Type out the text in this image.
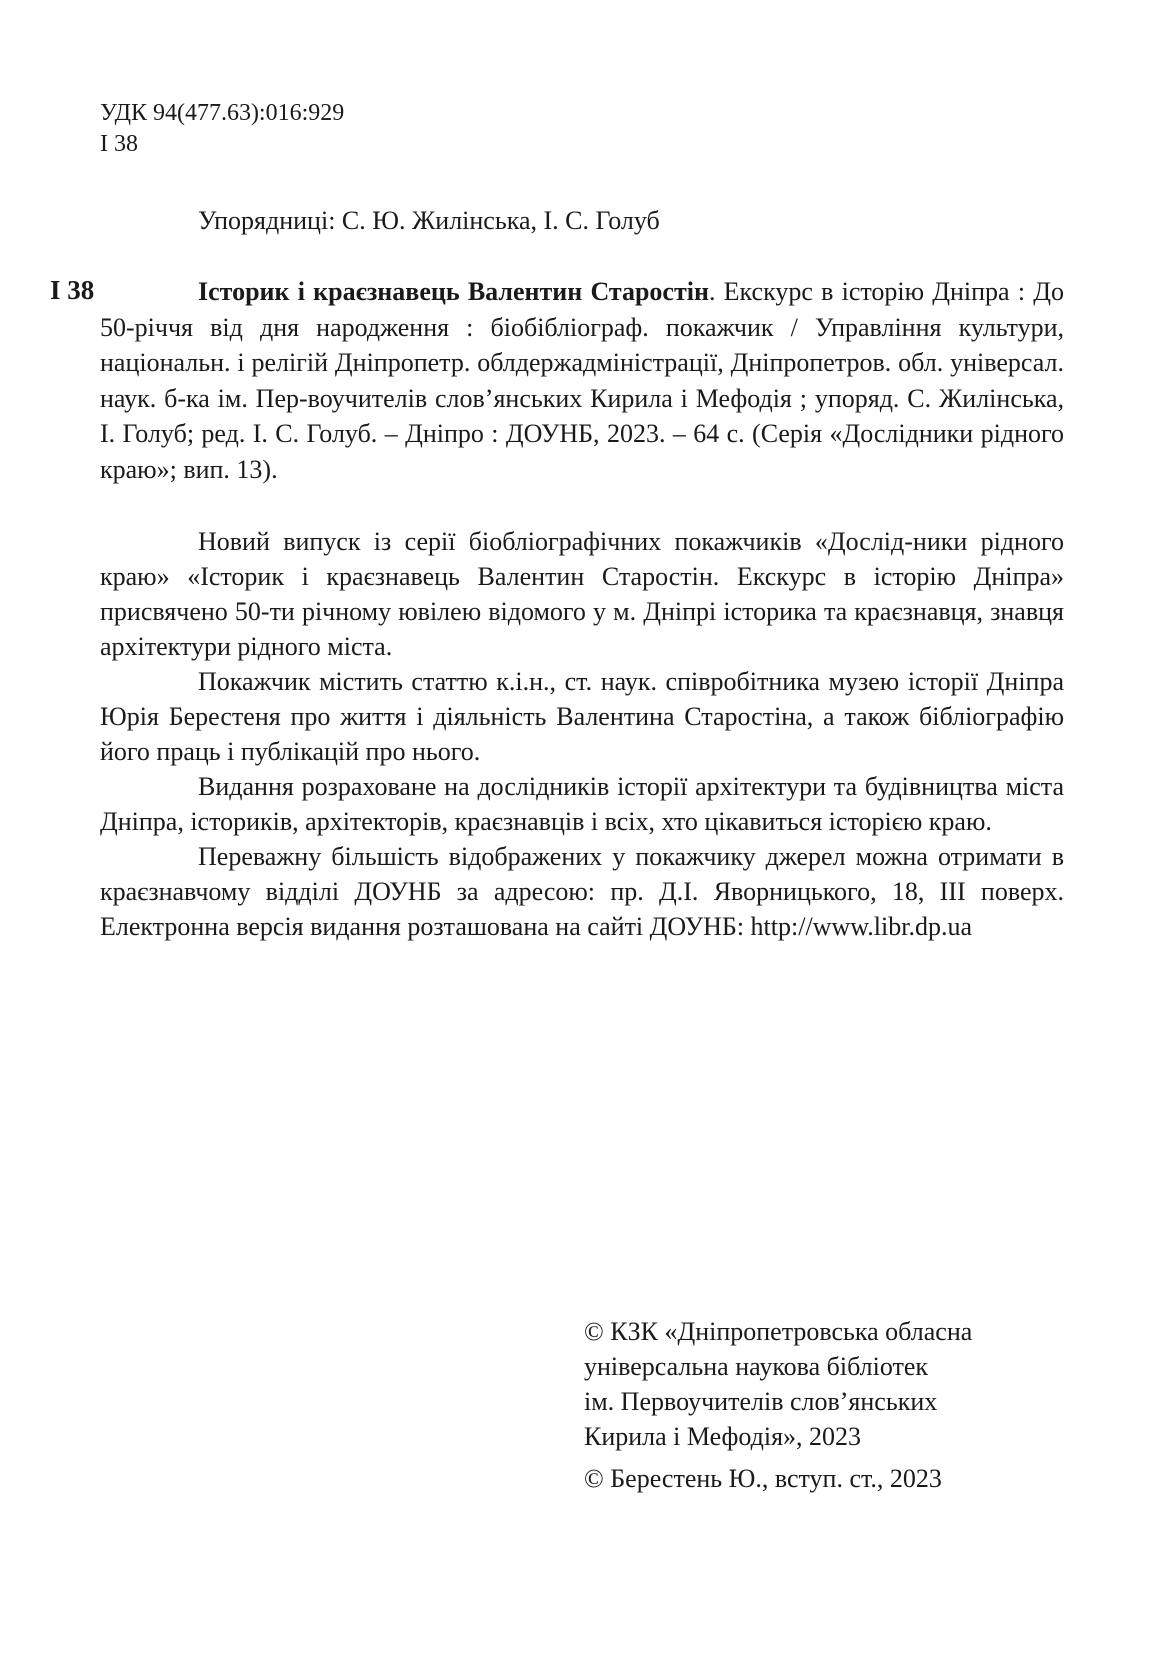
УДК 94(477.63):016:929
І 38
Упорядниці: С. Ю. Жилінська, І. С. Голуб
І 38	Історик і краєзнавець Валентин Старостін. Екскурс в історію Дніпра : До 50-річчя від дня народження : біобібліограф. покажчик / Управління культури, національн. і релігій Дніпропетр. облдержадміністрації, Дніпропетров. обл. універсал. наук. б-ка ім. Пер-воучителів слов’янських Кирила і Мефодія ; упоряд. С. Жилінська, І. Голуб; ред. І. С. Голуб. – Дніпро : ДОУНБ, 2023. – 64 с. (Серія «Дослідники рідного краю»; вип. 13).

Новий випуск із серії біобліографічних покажчиків «Дослід-ники рідного краю» «Історик і краєзнавець Валентин Старостін. Екскурс в історію Дніпра» присвячено 50-ти річному ювілею відомого у м. Дніпрі історика та краєзнавця, знавця архітектури рідного міста.

Покажчик містить статтю к.і.н., ст. наук. співробітника музею історії Дніпра Юрія Берестеня про життя і діяльність Валентина Старостіна, а також бібліографію його праць і публікацій про нього.

Видання розраховане на дослідників історії архітектури та будівництва міста Дніпра, істориків, архітекторів, краєзнавців і всіх, хто цікавиться історією краю.

Переважну більшість відображених у покажчику джерел можна отримати в краєзнавчому відділі ДОУНБ за адресою: пр. Д.І. Яворницького, 18, ІІІ поверх. Електронна версія видання розташована на сайті ДОУНБ: http://www.libr.dp.ua

© КЗК «Дніпропетровська обласна

універсальна наукова бібліотек

ім. Первоучителів слов’янських

Кирила і Мефодія», 2023

© Берестень Ю., вступ. ст., 2023
